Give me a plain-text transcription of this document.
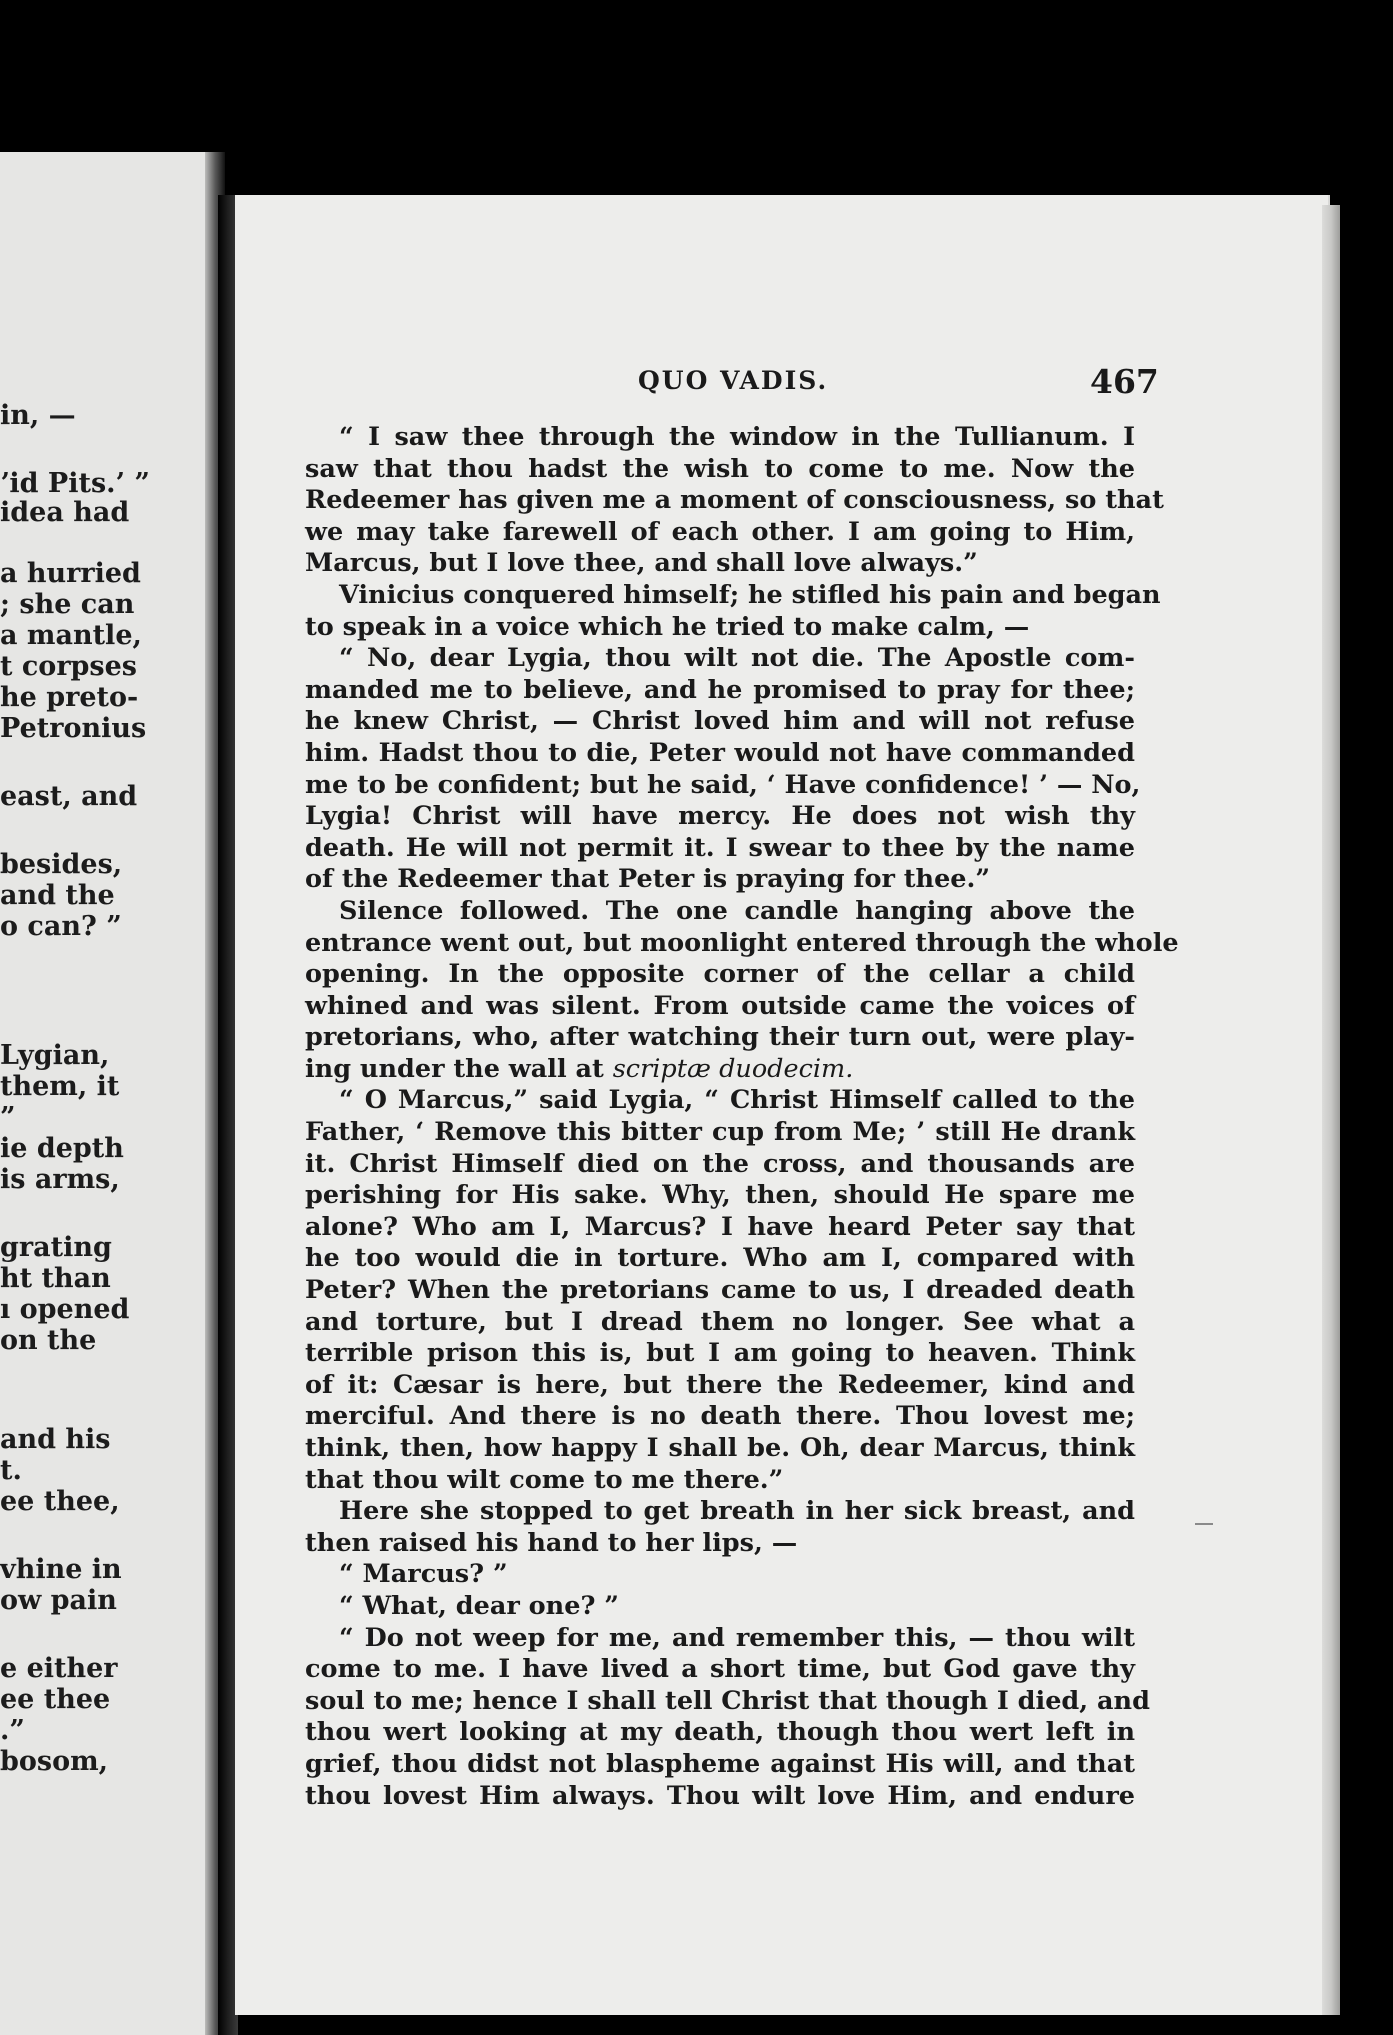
in, —
ʼid Pits.’ ”
idea had
a hurried
; she can
a mantle,
t corpses
he preto-
Petronius
east, and
besides,
and the
o can? ”
Lygian,
them, it
”
ie depth
is arms,
grating
ht than
ı opened
on the
and his
t.
ee thee,
vhine in
ow pain
e either
ee thee
.”
bosom,
QUO VADIS.	467
“ I saw thee through the window in the Tullianum. I
saw that thou hadst the wish to come to me. Now the
Redeemer has given me a moment of consciousness, so that
we may take farewell of each other. I am going to Him,
Marcus, but I love thee, and shall love always.”
Vinicius conquered himself; he stifled his pain and began
to speak in a voice which he tried to make calm, —
“ No, dear Lygia, thou wilt not die. The Apostle com-
manded me to believe, and he promised to pray for thee;
he knew Christ, — Christ loved him and will not refuse
him. Hadst thou to die, Peter would not have commanded
me to be confident; but he said, ‘ Have confidence! ’ — No,
Lygia! Christ will have mercy. He does not wish thy
death. He will not permit it. I swear to thee by the name
of the Redeemer that Peter is praying for thee.”
Silence followed. The one candle hanging above the
entrance went out, but moonlight entered through the whole
opening. In the opposite corner of the cellar a child
whined and was silent. From outside came the voices of
pretorians, who, after watching their turn out, were play-
ing under the wall at scriptæ duodecim.
“ O Marcus,” said Lygia, “ Christ Himself called to the
Father, ‘ Remove this bitter cup from Me; ’ still He drank
it. Christ Himself died on the cross, and thousands are
perishing for His sake. Why, then, should He spare me
alone? Who am I, Marcus? I have heard Peter say that
he too would die in torture. Who am I, compared with
Peter? When the pretorians came to us, I dreaded death
and torture, but I dread them no longer. See what a
terrible prison this is, but I am going to heaven. Think
of it: Cæsar is here, but there the Redeemer, kind and
merciful. And there is no death there. Thou lovest me;
think, then, how happy I shall be. Oh, dear Marcus, think
that thou wilt come to me there.”
Here she stopped to get breath in her sick breast, and
then raised his hand to her lips, —
“ Marcus? ”
“ What, dear one? ”
“ Do not weep for me, and remember this, — thou wilt
come to me. I have lived a short time, but God gave thy
soul to me; hence I shall tell Christ that though I died, and
thou wert looking at my death, though thou wert left in
grief, thou didst not blaspheme against His will, and that
thou lovest Him always. Thou wilt love Him, and endure
